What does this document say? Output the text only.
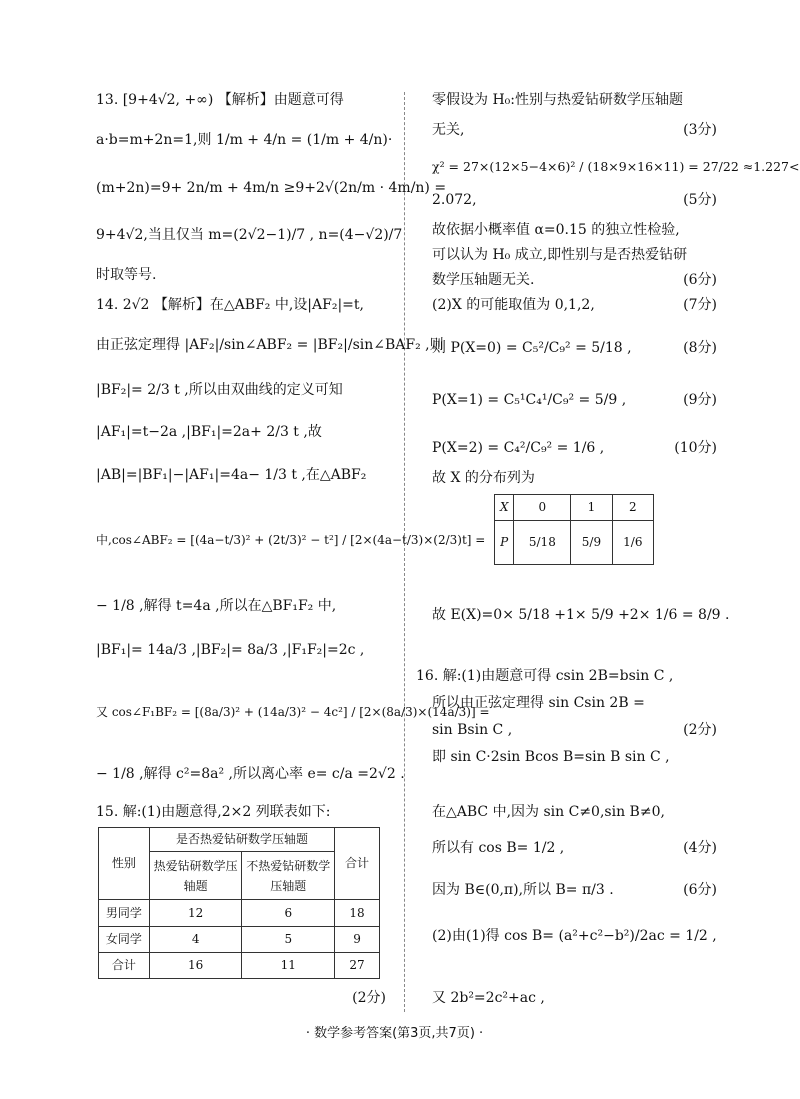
13. [9+4√2, +∞) 【解析】由题意可得
a·b=m+2n=1,则 1/m + 4/n = (1/m + 4/n)·
(m+2n)=9+ 2n/m + 4m/n ≥9+2√(2n/m · 4m/n) =
9+4√2,当且仅当 m=(2√2−1)/7 , n=(4−√2)/7
时取等号.
14. 2√2 【解析】在△ABF₂ 中,设|AF₂|=t,
由正弦定理得 |AF₂|/sin∠ABF₂ = |BF₂|/sin∠BAF₂ ,则
|BF₂|= 2/3 t ,所以由双曲线的定义可知
|AF₁|=t−2a ,|BF₁|=2a+ 2/3 t ,故
|AB|=|BF₁|−|AF₁|=4a− 1/3 t ,在△ABF₂
中,cos∠ABF₂ = [(4a−t/3)² + (2t/3)² − t²] / [2×(4a−t/3)×(2/3)t] =
− 1/8 ,解得 t=4a ,所以在△BF₁F₂ 中,
|BF₁|= 14a/3 ,|BF₂|= 8a/3 ,|F₁F₂|=2c ,
又 cos∠F₁BF₂ = [(8a/3)² + (14a/3)² − 4c²] / [2×(8a/3)×(14a/3)] =
− 1/8 ,解得 c²=8a² ,所以离心率 e= c/a =2√2 .
15. 解:(1)由题意得,2×2 列联表如下:
性别	是否热爱钻研数学压轴题		合计
	热爱钻研数学压轴题	不热爱钻研数学压轴题	

男同学	12	6	18
女同学	4	5	9
合计	16	11	27
(2分)
零假设为 H₀:性别与热爱钻研数学压轴题
无关,	(3分)
χ² = 27×(12×5−4×6)² / (18×9×16×11) = 27/22 ≈1.227<
2.072,	(5分)
故依据小概率值 α=0.15 的独立性检验,
可以认为 H₀ 成立,即性别与是否热爱钻研
数学压轴题无关.	(6分)
(2)X 的可能取值为 0,1,2,	(7分)
则 P(X=0) = C₅²/C₉² = 5/18 ,	(8分)
P(X=1) = C₅¹C₄¹/C₉² = 5/9 ,	(9分)
P(X=2) = C₄²/C₉² = 1/6 ,	(10分)
故 X 的分布列为
X	0	1	2
P	5/18	5/9	1/6
故 E(X)=0× 5/18 +1× 5/9 +2× 1/6 = 8/9 .
16. 解:(1)由题意可得 csin 2B=bsin C ,
所以由正弦定理得 sin Csin 2B =
sin Bsin C ,	(2分)
即 sin C·2sin Bcos B=sin B sin C ,
在△ABC 中,因为 sin C≠0,sin B≠0,
所以有 cos B= 1/2 ,	(4分)
因为 B∈(0,π),所以 B= π/3 .	(6分)
(2)由(1)得 cos B= (a²+c²−b²)/2ac = 1/2 ,
又 2b²=2c²+ac ,
· 数学参考答案(第3页,共7页) ·
